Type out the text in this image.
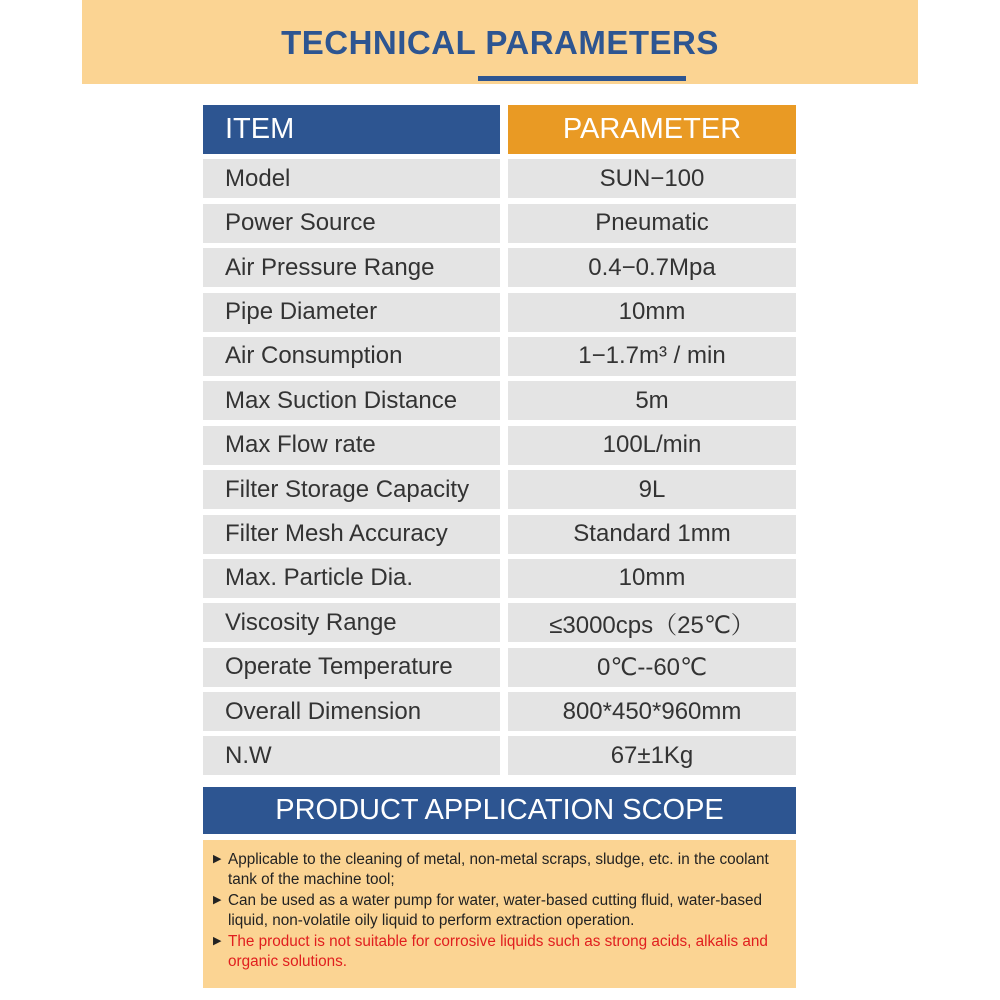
TECHNICAL PARAMETERS
ITEM	PARAMETER
Model	SUN−100
Power Source	Pneumatic
Air Pressure Range	0.4−0.7Mpa
Pipe Diameter	10mm
Air Consumption	1−1.7m³ / min
Max Suction Distance	5m
Max Flow rate	100L/min
Filter Storage Capacity	9L
Filter Mesh Accuracy	Standard 1mm
Max. Particle Dia.	10mm
Viscosity Range	≤3000cps（25℃）
Operate Temperature	0℃--60℃
Overall Dimension	800*450*960mm
N.W	67±1Kg
PRODUCT APPLICATION SCOPE
▶ Applicable to the cleaning of metal, non-metal scraps, sludge, etc. in the coolant tank of the machine tool;
▶ Can be used as a water pump for water, water-based cutting fluid, water-based liquid, non-volatile oily liquid to perform extraction operation.
▶ The product is not suitable for corrosive liquids such as strong acids, alkalis and organic solutions.
